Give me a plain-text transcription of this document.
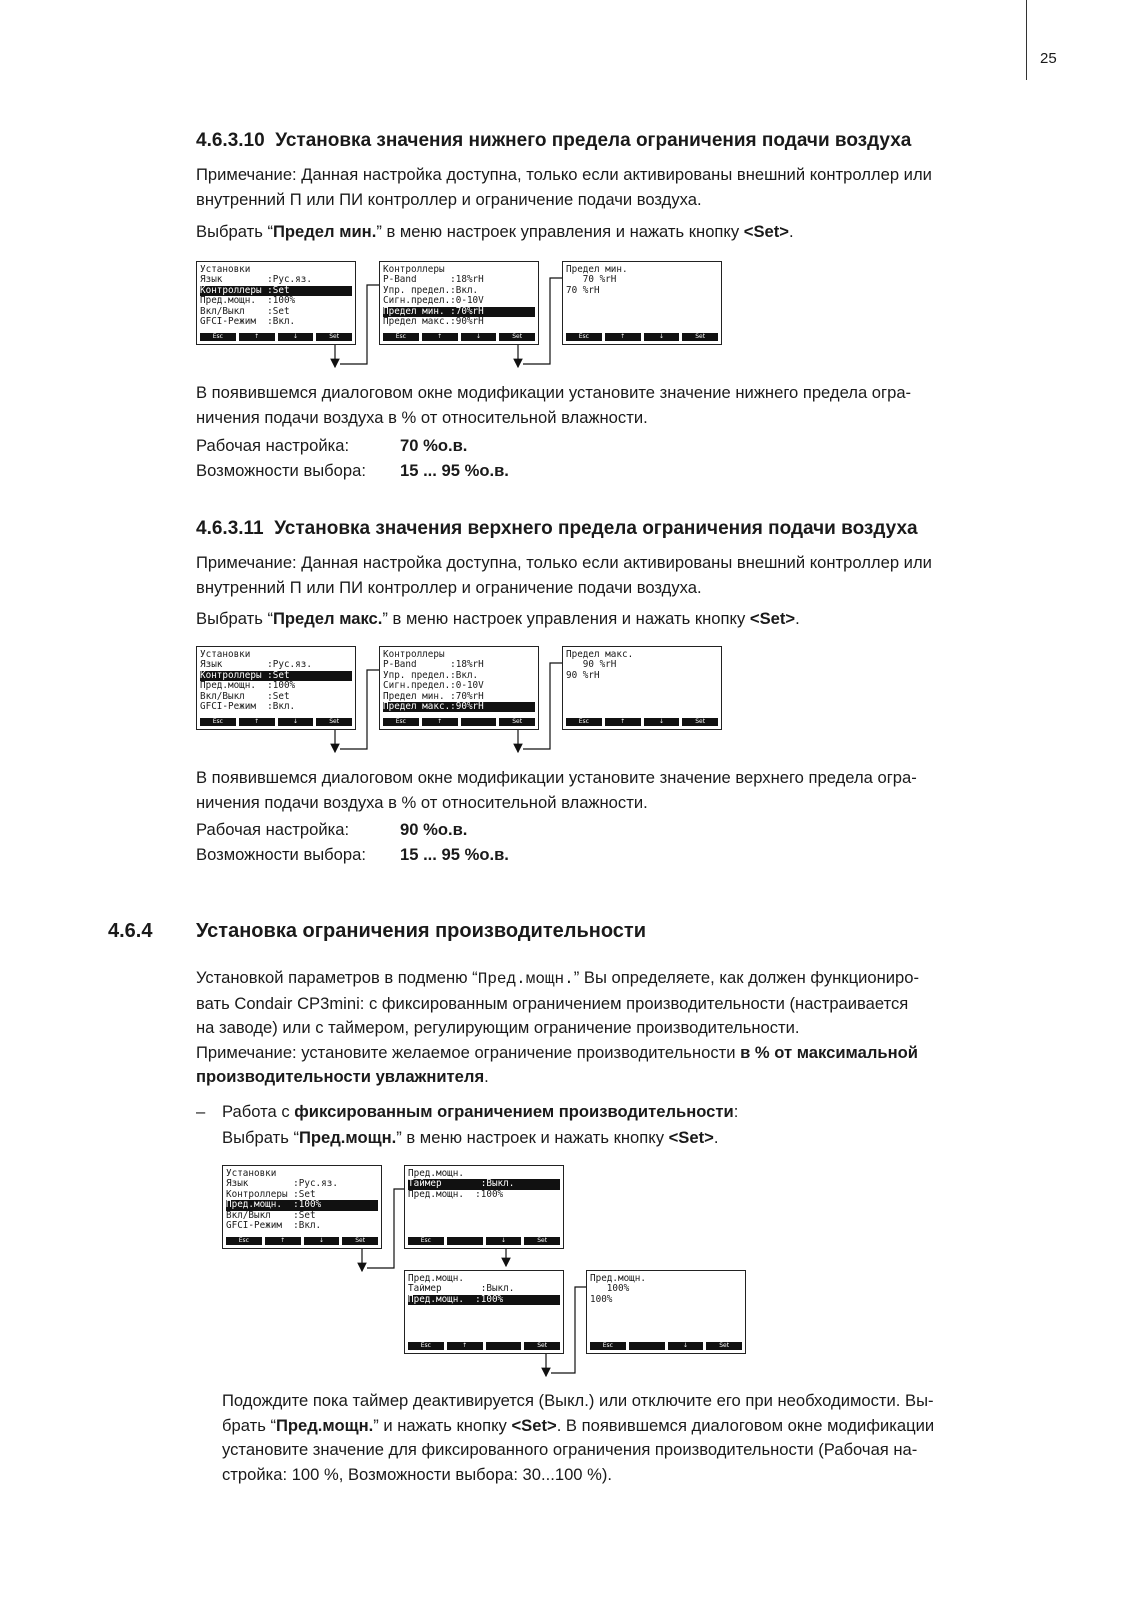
25
4.6.3.10 Установка значения нижнего предела ограничения подачи воздуха
Примечание: Данная настройка доступна, только если активированы внешний контроллер или
внутренний П или ПИ контроллер и ограничение подачи воздуха.
Выбрать “Предел мин.” в меню настроек управления и нажать кнопку <Set>.
Установки
Язык        :Рус.яз.
Контроллеры :Set
Пред.мощн.  :100%
Вкл/Выкл    :Set
GFCI-Режим  :Вкл.
Esc	↑	↓	Set
Контроллеры
P-Band      :18%rH
Упр. предел.:Вкл.
Сигн.предел.:0-10V
Предел мин. :70%rH
Предел макс.:90%rH
Esc	↑	↓	Set
Предел мин.
70 %rH
70 %rH
Esc	↑	↓	Set
В появившемся диалоговом окне модификации установите значение нижнего предела огра-
ничения подачи воздуха в % от относительной влажности.
Рабочая настройка:	70 %о.в.
Возможности выбора: 15 ... 95 %о.в.
4.6.3.11 Установка значения верхнего предела ограничения подачи воздуха
Примечание: Данная настройка доступна, только если активированы внешний контроллер или
внутренний П или ПИ контроллер и ограничение подачи воздуха.
Выбрать “Предел макс.” в меню настроек управления и нажать кнопку <Set>.
Установки
Язык        :Рус.яз.
Контроллеры :Set
Пред.мощн.  :100%
Вкл/Выкл    :Set
GFCI-Режим  :Вкл.
Esc	↑	↓	Set
Контроллеры
P-Band      :18%rH
Упр. предел.:Вкл.
Сигн.предел.:0-10V
Предел мин. :70%rH
Предел макс.:90%rH
Esc	↑	Set
Предел макс.
90 %rH
90 %rH
Esc	↑	↓	Set
В появившемся диалоговом окне модификации установите значение верхнего предела огра-
ничения подачи воздуха в % от относительной влажности.
Рабочая настройка:	90 %о.в.
Возможности выбора: 15 ... 95 %о.в.
4.6.4 Установка ограничения производительности
Установкой параметров в подменю “Пред.мощн.” Вы определяете, как должен функциониро-
вать Condair CP3mini: с фиксированным ограничением производительности (настраивается
на заводе) или с таймером, регулирующим ограничение производительности.
Примечание: установите желаемое ограничение производительности в % от максимальной
производительности увлажнителя.
– Работа с фиксированным ограничением производительности:
Выбрать “Пред.мощн.” в меню настроек и нажать кнопку <Set>.
Установки
Язык        :Рус.яз.
Контроллеры :Set
Пред.мощн.  :100%
Вкл/Выкл    :Set
GFCI-Режим  :Вкл.
Esc	↑	↓	Set
Пред.мощн.
Таймер       :Выкл.
Пред.мощн.  :100%
Esc	↓	Set
Пред.мощн.
Таймер       :Выкл.
Пред.мощн.  :100%
Esc	↑	Set
Пред.мощн.
100%
100%
Esc	↓	Set
Подождите пока таймер деактивируется (Выкл.) или отключите его при необходимости. Вы-
брать “Пред.мощн.” и нажать кнопку <Set>. В появившемся диалоговом окне модификации
установите значение для фиксированного ограничения производительности (Рабочая на-
стройка: 100 %, Возможности выбора: 30...100 %).
